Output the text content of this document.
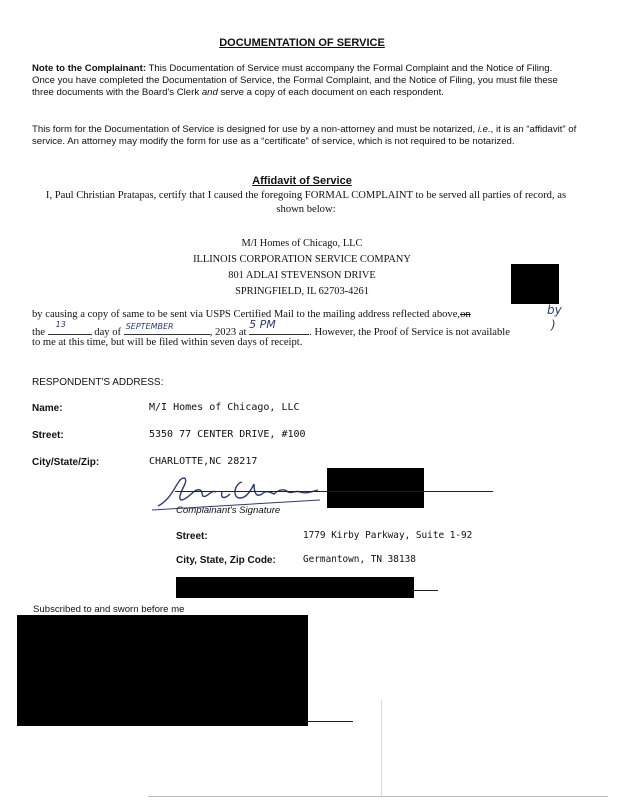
DOCUMENTATION OF SERVICE
Note to the Complainant: This Documentation of Service must accompany the Formal Complaint and the Notice of Filing. Once you have completed the Documentation of Service, the Formal Complaint, and the Notice of Filing, you must file these three documents with the Board's Clerk and serve a copy of each document on each respondent.
This form for the Documentation of Service is designed for use by a non-attorney and must be notarized, i.e., it is an “affidavit” of service. An attorney may modify the form for use as a “certificate” of service, which is not required to be notarized.
Affidavit of Service
I, Paul Christian Pratapas, certify that I caused the foregoing FORMAL COMPLAINT to be served all parties of record, as shown below:
M/I Homes of Chicago, LLC
ILLINOIS CORPORATION SERVICE COMPANY
801 ADLAI STEVENSON DRIVE
SPRINGFIELD, IL 62703-4261
by causing a copy of same to be sent via USPS Certified Mail to the mailing address reflected above,on	by
the
13
day of
SEPTEMBER
, 2023 at
5 PM
. However, the Proof of Service is not available
)
to me at this time, but will be filed within seven days of receipt.
RESPONDENT'S ADDRESS:
Name:	M/I Homes of Chicago, LLC
Street:	5350 77 CENTER DRIVE, #100
City/State/Zip:	CHARLOTTE,NC 28217
Complainant's Signature
Street:	1779 Kirby Parkway, Suite 1-92
City, State, Zip Code:	Germantown, TN 38138
Subscribed to and sworn before me
